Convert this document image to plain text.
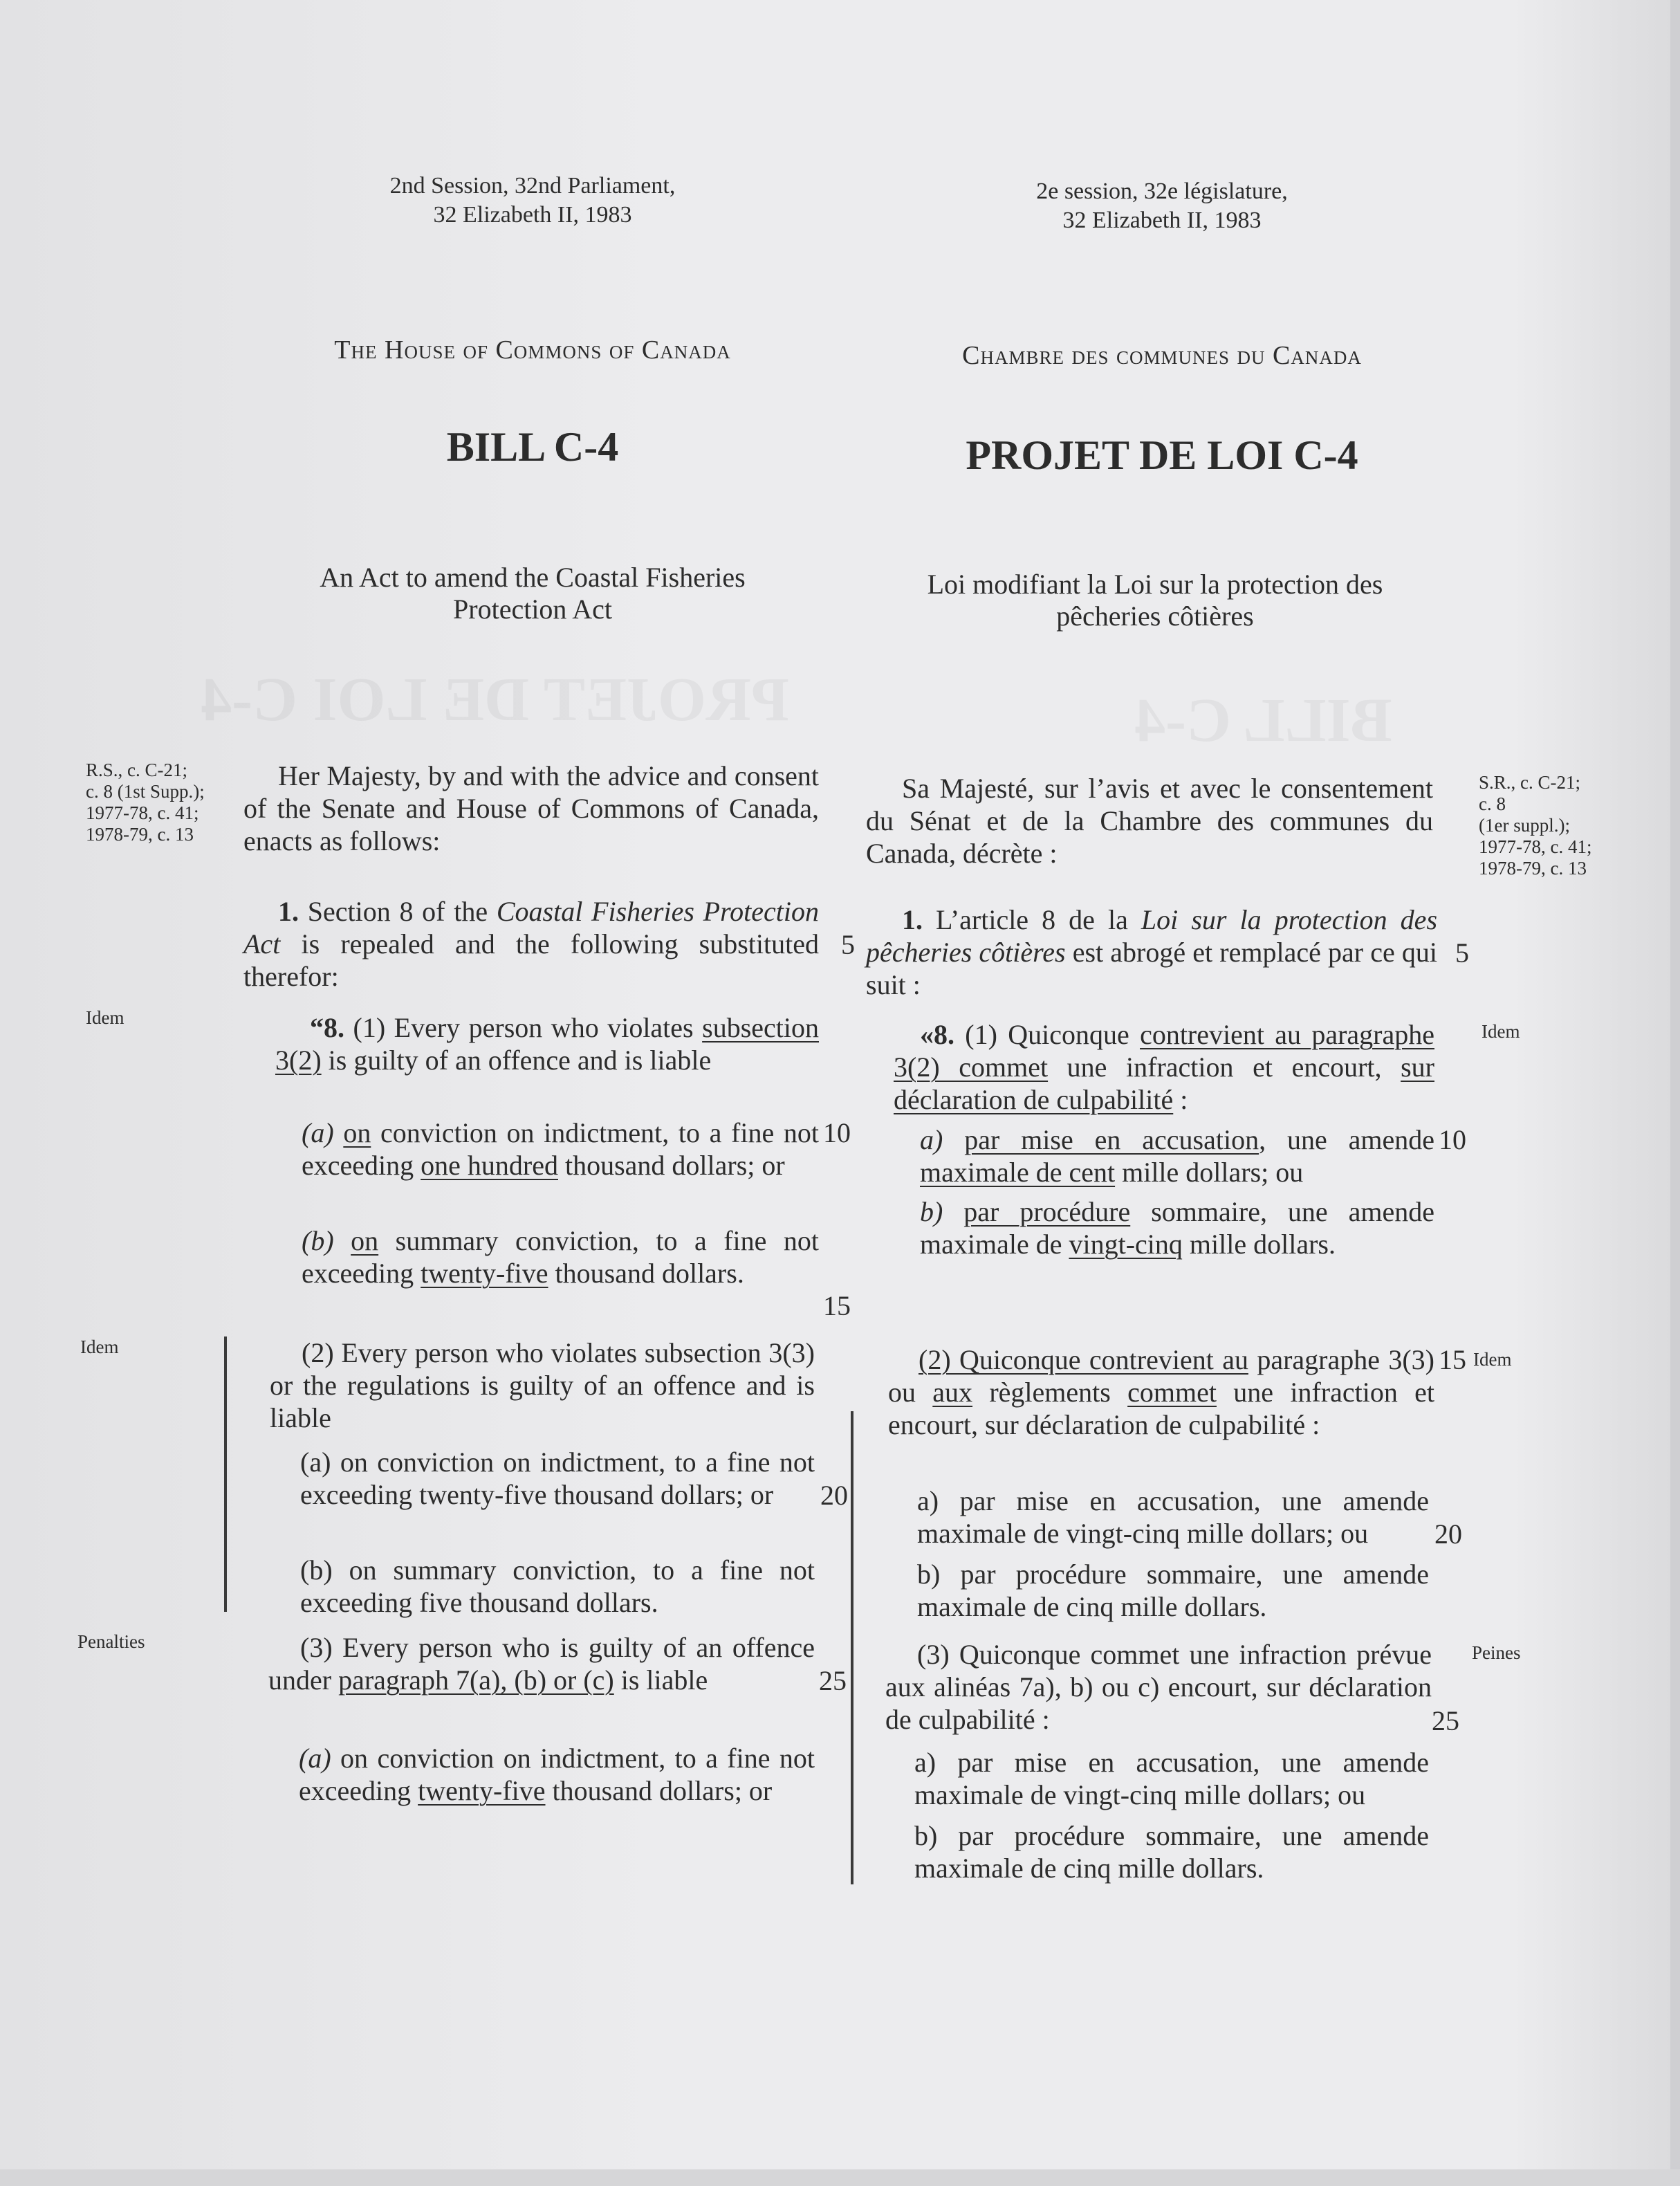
PROJET DE LOI C-4	BILL C-4
2nd Session, 32nd Parliament,
32 Elizabeth II, 1983
The House of Commons of Canada
BILL C-4
An Act to amend the Coastal Fisheries
Protection Act
R.S., c. C-21;
c. 8 (1st Supp.);
1977-78, c. 41;
1978-79, c. 13
Idem
Idem
Penalties

Her Majesty, by and with the advice and consent of the Senate and House of Commons of Canada, enacts as follows:

1. Section 8 of the Coastal Fisheries Protection Act is repealed and the following substituted therefor:

“8. (1) Every person who violates subsection 3(2) is guilty of an offence and is liable

(a) on conviction on indictment, to a fine not exceeding one hundred thousand dollars; or

(b) on summary conviction, to a fine not exceeding twenty-five thousand dollars.

(2) Every person who violates subsection 3(3) or the regulations is guilty of an offence and is liable

(a) on conviction on indictment, to a fine not exceeding twenty-five thousand dollars; or

(b) on summary conviction, to a fine not exceeding five thousand dollars.

(3) Every person who is guilty of an offence under paragraph 7(a), (b) or (c) is liable

(a) on conviction on indictment, to a fine not exceeding twenty-five thousand dollars; or

5
10
15
20
25
2e session, 32e législature,
32 Elizabeth II, 1983
Chambre des communes du Canada
PROJET DE LOI C-4
Loi modifiant la Loi sur la protection des
pêcheries côtières
S.R., c. C-21;
c. 8
(1er suppl.);
1977-78, c. 41;
1978-79, c. 13
Idem
Idem
Peines

Sa Majesté, sur l’avis et avec le consentement du Sénat et de la Chambre des communes du Canada, décrète :

1. L’article 8 de la Loi sur la protection des pêcheries côtières est abrogé et remplacé par ce qui suit :

«8. (1) Quiconque contrevient au paragraphe 3(2) commet une infraction et encourt, sur déclaration de culpabilité :

a) par mise en accusation, une amende maximale de cent mille dollars; ou

b) par procédure sommaire, une amende maximale de vingt-cinq mille dollars.

(2) Quiconque contrevient au paragraphe 3(3) ou aux règlements commet une infraction et encourt, sur déclaration de culpabilité :

a) par mise en accusation, une amende maximale de vingt-cinq mille dollars; ou

b) par procédure sommaire, une amende maximale de cinq mille dollars.

(3) Quiconque commet une infraction prévue aux alinéas 7a), b) ou c) encourt, sur déclaration de culpabilité :

a) par mise en accusation, une amende maximale de vingt-cinq mille dollars; ou

b) par procédure sommaire, une amende maximale de cinq mille dollars.

5
10
15
20
25
